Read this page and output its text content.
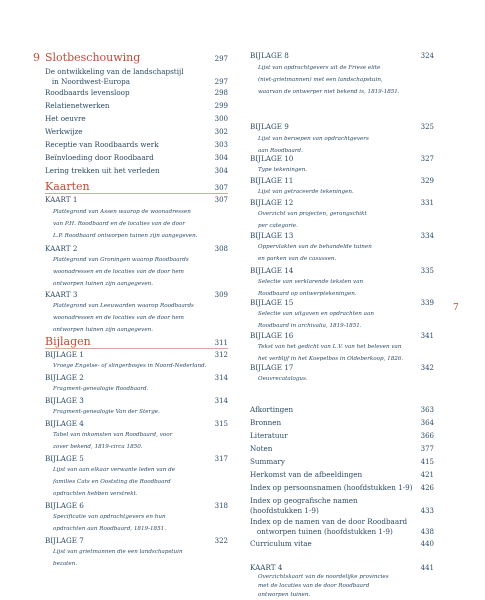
9 Slotbeschouwing	297
De ontwikkeling van de landschapstijl
in Noordwest-Europa	297
Roodbaards levensloop	298
Relatienetwerken	299
Het oeuvre	300
Werkwijze	302
Receptie van Roodbaards werk	303
Beïnvloeding door Roodbaard	304
Lering trekken uit het verleden	304
Kaarten	307
KAART 1	307
Plattegrond van Assen waarop de woonadressen
van P.H. Roodbaard en de locaties van de door
L.P. Roodbaard ontworpen tuinen zijn aangegeven.
KAART 2	308
Plattegrond van Groningen waarop Roodbaards
woonadressen en de locaties van de door hem
ontworpen tuinen zijn aangegeven.
KAART 3	309
Plattegrond van Leeuwarden waarop Roodbaards
woonadressen en de locaties van de door hem
ontworpen tuinen zijn aangegeven.
Bijlagen	311
BIJLAGE 1	312
Vroege Engelse- of slingerbosjes in Noord-Nederland.
BIJLAGE 2	314
Fragment-genealogie Roodbaard.
BIJLAGE 3	314
Fragment-genealogie Van der Sterge.
BIJLAGE 4	315
Tabel van inkomsten van Roodbaard, voor
zover bekend, 1819-circa 1850.
BIJLAGE 5	317
Lijst van aan elkaar verwante leden van de
families Cats en Ooststing die Roodbaard
opdrachten hebben verstrekt.
BIJLAGE 6	318
Specificatie van opdrachtgevers en hun
opdrachten aan Roodbaard, 1819-1851.
BIJLAGE 7	322
Lijst van grietmannen die een landschapstuin
bezaten.
BIJLAGE 8	324
Lijst van opdrachtgevers uit de Friese elite
(niet-grietmannen) met een landschapstuin,
waarvan de ontwerper niet bekend is, 1819-1851.
BIJLAGE 9	325
Lijst van beroepen van opdrachtgevers
aan Roodbaard.
BIJLAGE 10	327
Type tekeningen.
BIJLAGE 11	329
Lijst van getraceerde tekeningen.
BIJLAGE 12	331
Overzicht van projecten, gerangschikt
per categorie.
BIJLAGE 13	334
Oppervlakten van de behandelde tuinen
en parken van de casussen.
BIJLAGE 14	335
Selectie van verklarende teksten van
Roodbaard op ontwerptekeningen.
BIJLAGE 15	339
Selectie van uitgaven en opdrachten aan
Roodbaard in archivalia, 1819-1851.
BIJLAGE 16	341
Tekst van het gedicht van L.V. van het beleven van
het verblijf in het Koepelbos in Oldeberkoop, 1826.
BIJLAGE 17	342
Oeuvrecatalogus.
Afkortingen	363
Bronnen	364
Literatuur	366
Noten	377
Summary	415
Herkomst van de afbeeldingen	421
Index op persoonsnamen (hoofdstukken 1-9) 426
Index op geografische namen
(hoofdstukken 1-9)	433
Index op de namen van de door Roodbaard
ontworpen tuinen (hoofdstukken 1-9)	438
Curriculum vitae	440
KAART 4	441
Overzichtskaart van de noordelijke provincies
met de locaties van de door Roodbaard
ontworpen tuinen.
7
